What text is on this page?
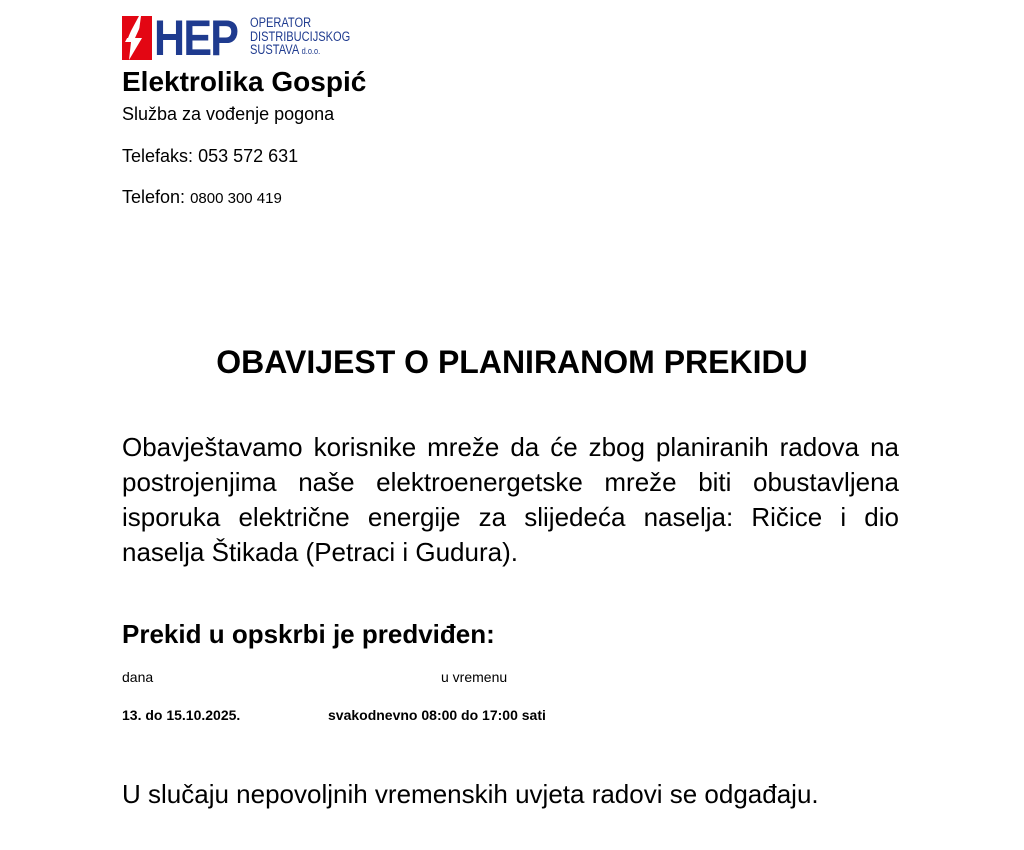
HEP OPERATOR
DISTRIBUCIJSKOG
SUSTAVA d.o.o.
Elektrolika Gospić
Služba za vođenje pogona
Telefaks: 053 572 631
Telefon: 0800 300 419
OBAVIJEST O PLANIRANOM PREKIDU
Obavještavamo korisnike mreže da će zbog planiranih radova na postrojenjima naše elektroenergetske mreže biti obustavljena isporuka električne energije za slijedeća naselja: Ričice i dio naselja Štikada (Petraci i Gudura).
Prekid u opskrbi je predviđen:
dana	u vremenu
13. do 15.10.2025.	svakodnevno 08:00 do 17:00 sati
U slučaju nepovoljnih vremenskih uvjeta radovi se odgađaju.
